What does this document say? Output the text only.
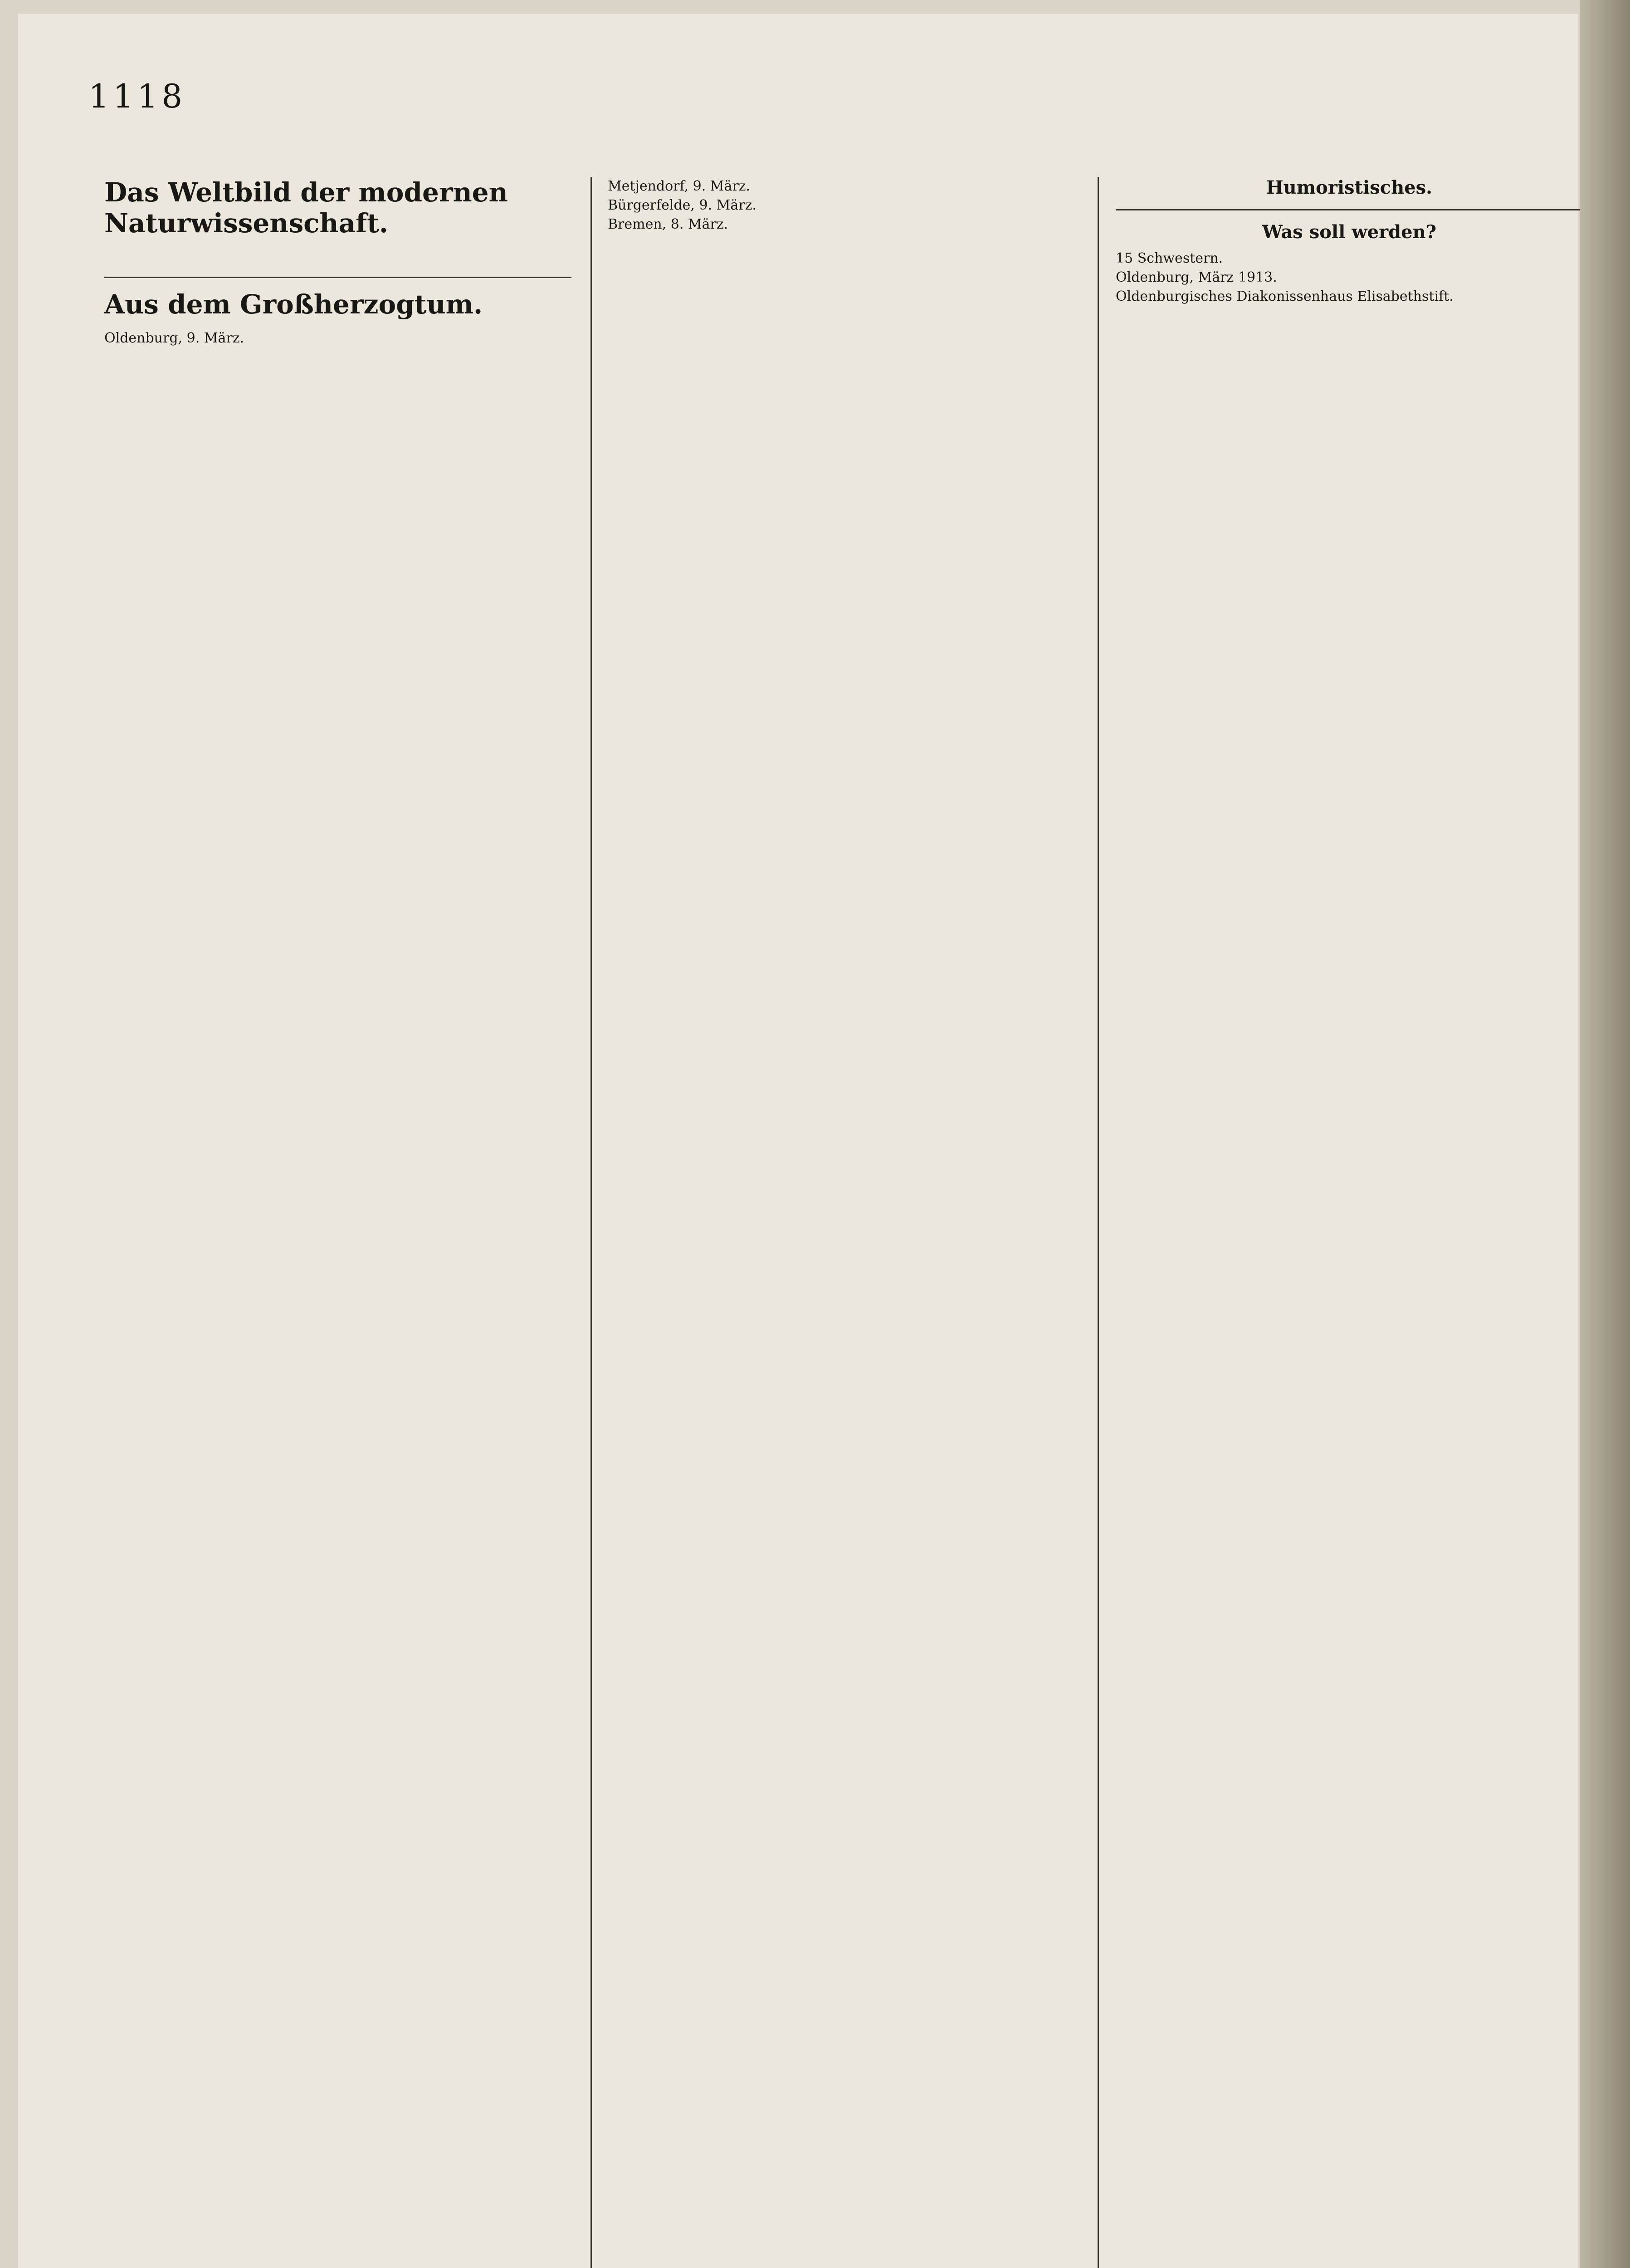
1118
Das Weltbild der modernen Naturwissenschaft.
Aus dem Großherzogtum.
Oldenburg, 9. März.
Metjendorf, 9. März.
Bürgerfelde, 9. März.
Bremen, 8. März.
Humoristisches.
Was soll werden?
15 Schwestern.
Oldenburg, März 1913.
Oldenburgisches Diakonissenhaus Elisabethstift.
